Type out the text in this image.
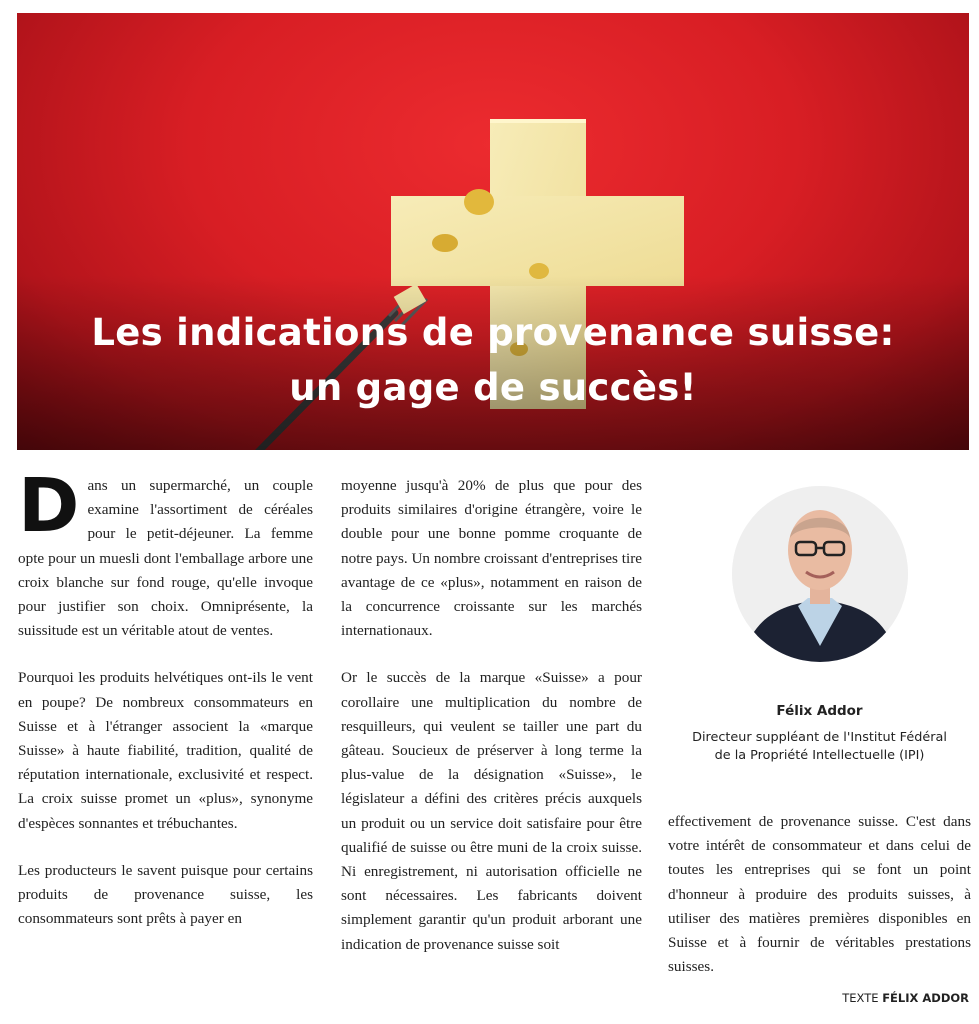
Les indications de provenance suisse:
un gage de succès!

Dans un supermarché, un couple examine l'assortiment de céréales pour le petit-déjeuner. La femme opte pour un muesli dont l'emballage arbore une croix blanche sur fond rouge, qu'elle invoque pour justifier son choix. Omniprésente, la suissitude est un véritable atout de ventes.

Pourquoi les produits helvétiques ont-ils le vent en poupe? De nombreux consommateurs en Suisse et à l'étranger associent la «marque Suisse» à haute fiabilité, tradition, qualité de réputation internationale, exclusivité et respect. La croix suisse promet un «plus», synonyme d'espèces sonnantes et trébuchantes.

Les producteurs le savent puisque pour certains produits de provenance suisse, les consommateurs sont prêts à payer en

moyenne jusqu'à 20% de plus que pour des produits similaires d'origine étrangère, voire le double pour une bonne pomme croquante de notre pays. Un nombre croissant d'entreprises tire avantage de ce «plus», notamment en raison de la concurrence croissante sur les marchés internationaux.

Or le succès de la marque «Suisse» a pour corollaire une multiplication du nombre de resquilleurs, qui veulent se tailler une part du gâteau. Soucieux de préserver à long terme la plus-value de la désignation «Suisse», le législateur a défini des critères précis auxquels un produit ou un service doit satisfaire pour être qualifié de suisse ou être muni de la croix suisse. Ni enregistrement, ni autorisation officielle ne sont nécessaires. Les fabricants doivent simplement garantir qu'un produit arborant une indication de provenance suisse soit

Félix Addor
Directeur suppléant de l'Institut Fédéral
de la Propriété Intellectuelle (IPI)

effectivement de provenance suisse. C'est dans votre intérêt de consommateur et dans celui de toutes les entreprises qui se font un point d'honneur à produire des produits suisses, à utiliser des matières premières disponibles en Suisse et à fournir de véritables prestations suisses.

TEXTE FÉLIX ADDOR
